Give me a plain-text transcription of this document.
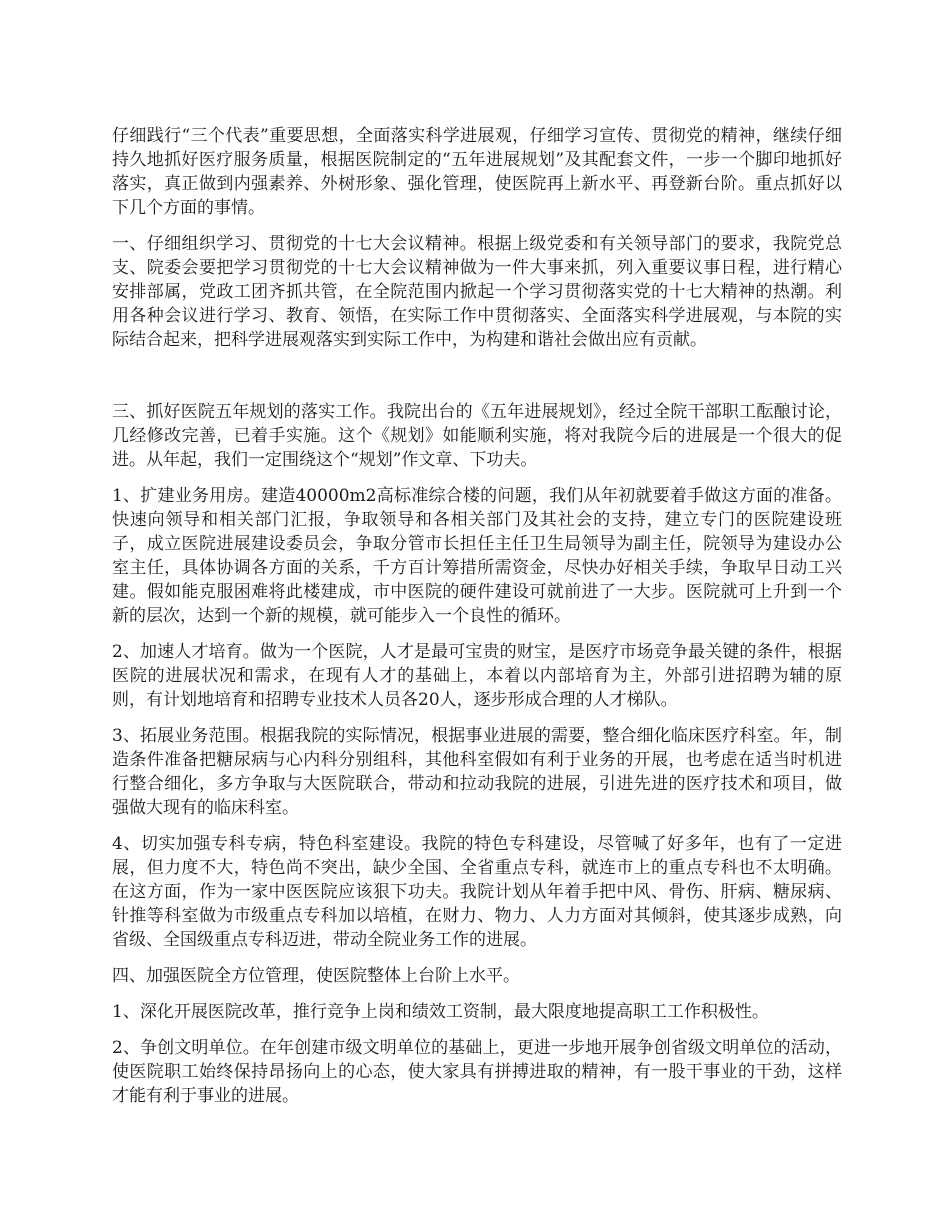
仔细践行“三个代表”重要思想，全面落实科学进展观，仔细学习宣传、贯彻党的精神，继续仔细持久地抓好医疗服务质量，根据医院制定的“五年进展规划”及其配套文件，一步一个脚印地抓好落实，真正做到内强素养、外树形象、强化管理，使医院再上新水平、再登新台阶。重点抓好以下几个方面的事情。

一、仔细组织学习、贯彻党的十七大会议精神。根据上级党委和有关领导部门的要求，我院党总支、院委会要把学习贯彻党的十七大会议精神做为一件大事来抓，列入重要议事日程，进行精心安排部属，党政工团齐抓共管，在全院范围内掀起一个学习贯彻落实党的十七大精神的热潮。利用各种会议进行学习、教育、领悟，在实际工作中贯彻落实、全面落实科学进展观，与本院的实际结合起来，把科学进展观落实到实际工作中，为构建和谐社会做出应有贡献。

三、抓好医院五年规划的落实工作。我院出台的《五年进展规划》，经过全院干部职工酝酿讨论，几经修改完善，已着手实施。这个《规划》如能顺利实施，将对我院今后的进展是一个很大的促进。从年起，我们一定围绕这个“规划”作文章、下功夫。

1、扩建业务用房。建造40000m2高标准综合楼的问题，我们从年初就要着手做这方面的准备。快速向领导和相关部门汇报，争取领导和各相关部门及其社会的支持，建立专门的医院建设班子，成立医院进展建设委员会，争取分管市长担任主任卫生局领导为副主任，院领导为建设办公室主任，具体协调各方面的关系，千方百计筹措所需资金，尽快办好相关手续，争取早日动工兴建。假如能克服困难将此楼建成，市中医院的硬件建设可就前进了一大步。医院就可上升到一个新的层次，达到一个新的规模，就可能步入一个良性的循环。

2、加速人才培育。做为一个医院，人才是最可宝贵的财宝，是医疗市场竞争最关键的条件，根据医院的进展状况和需求，在现有人才的基础上，本着以内部培育为主，外部引进招聘为辅的原则，有计划地培育和招聘专业技术人员各20人，逐步形成合理的人才梯队。

3、拓展业务范围。根据我院的实际情况，根据事业进展的需要，整合细化临床医疗科室。年，制造条件准备把糖尿病与心内科分别组科，其他科室假如有利于业务的开展，也考虑在适当时机进行整合细化，多方争取与大医院联合，带动和拉动我院的进展，引进先进的医疗技术和项目，做强做大现有的临床科室。

4、切实加强专科专病，特色科室建设。我院的特色专科建设，尽管喊了好多年，也有了一定进展，但力度不大，特色尚不突出，缺少全国、全省重点专科，就连市上的重点专科也不太明确。在这方面，作为一家中医医院应该狠下功夫。我院计划从年着手把中风、骨伤、肝病、糖尿病、针推等科室做为市级重点专科加以培植，在财力、物力、人力方面对其倾斜，使其逐步成熟，向省级、全国级重点专科迈进，带动全院业务工作的进展。

四、加强医院全方位管理，使医院整体上台阶上水平。

1、深化开展医院改革，推行竞争上岗和绩效工资制，最大限度地提高职工工作积极性。

2、争创文明单位。在年创建市级文明单位的基础上，更进一步地开展争创省级文明单位的活动，使医院职工始终保持昂扬向上的心态，使大家具有拼搏进取的精神，有一股干事业的干劲，这样才能有利于事业的进展。
